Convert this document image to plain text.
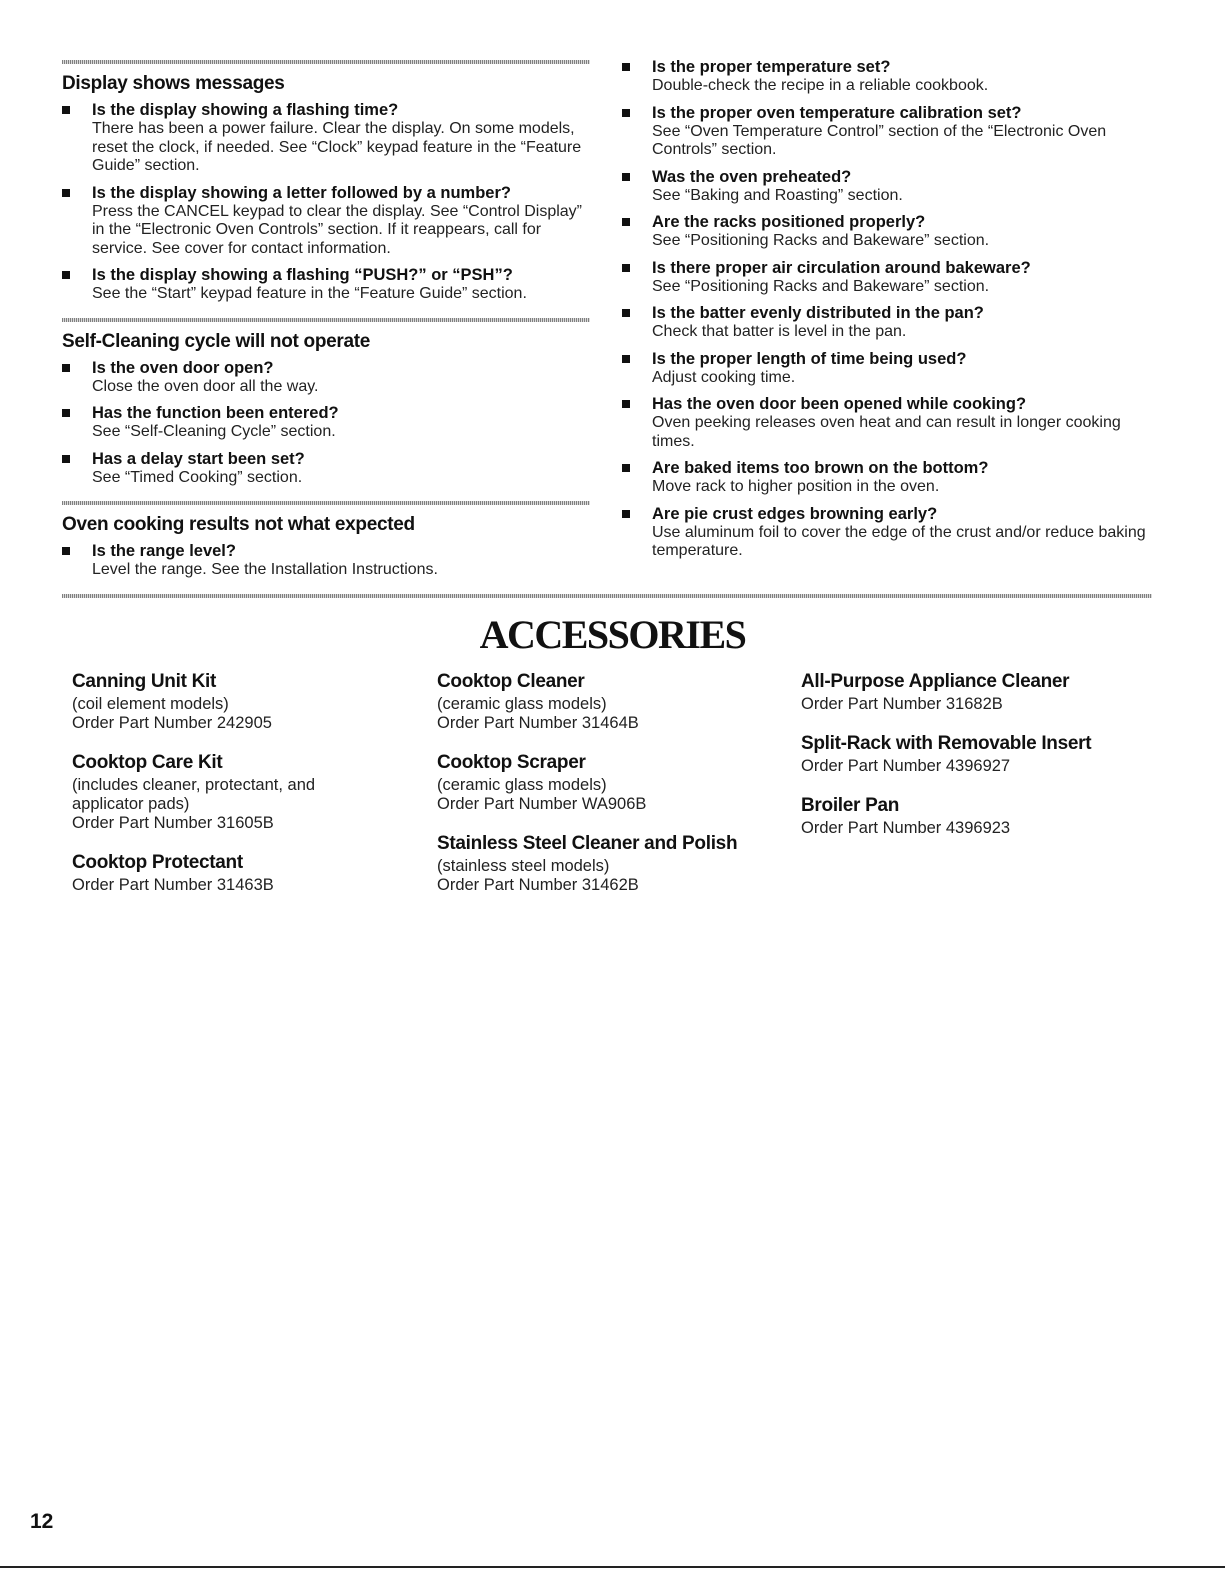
Display shows messages
Is the display showing a flashing time?
There has been a power failure. Clear the display. On some models, reset the clock, if needed. See “Clock” keypad feature in the “Feature Guide” section.
Is the display showing a letter followed by a number?
Press the CANCEL keypad to clear the display. See “Control Display” in the “Electronic Oven Controls” section. If it reappears, call for service. See cover for contact information.
Is the display showing a flashing “PUSH?” or “PSH”?
See the “Start” keypad feature in the “Feature Guide” section.
Self-Cleaning cycle will not operate
Is the oven door open?
Close the oven door all the way.
Has the function been entered?
See “Self-Cleaning Cycle” section.
Has a delay start been set?
See “Timed Cooking” section.
Oven cooking results not what expected
Is the range level?
Level the range. See the Installation Instructions.
Is the proper temperature set?
Double-check the recipe in a reliable cookbook.
Is the proper oven temperature calibration set?
See “Oven Temperature Control” section of the “Electronic Oven Controls” section.
Was the oven preheated?
See “Baking and Roasting” section.
Are the racks positioned properly?
See “Positioning Racks and Bakeware” section.
Is there proper air circulation around bakeware?
See “Positioning Racks and Bakeware” section.
Is the batter evenly distributed in the pan?
Check that batter is level in the pan.
Is the proper length of time being used?
Adjust cooking time.
Has the oven door been opened while cooking?
Oven peeking releases oven heat and can result in longer cooking times.
Are baked items too brown on the bottom?
Move rack to higher position in the oven.
Are pie crust edges browning early?
Use aluminum foil to cover the edge of the crust and/or reduce baking temperature.
ACCESSORIES
Canning Unit Kit
(coil element models)
Order Part Number 242905
Cooktop Care Kit
(includes cleaner, protectant, and
applicator pads)
Order Part Number 31605B
Cooktop Protectant
Order Part Number 31463B
Cooktop Cleaner
(ceramic glass models)
Order Part Number 31464B
Cooktop Scraper
(ceramic glass models)
Order Part Number WA906B
Stainless Steel Cleaner and Polish
(stainless steel models)
Order Part Number 31462B
All-Purpose Appliance Cleaner
Order Part Number 31682B
Split-Rack with Removable Insert
Order Part Number 4396927
Broiler Pan
Order Part Number 4396923
12
